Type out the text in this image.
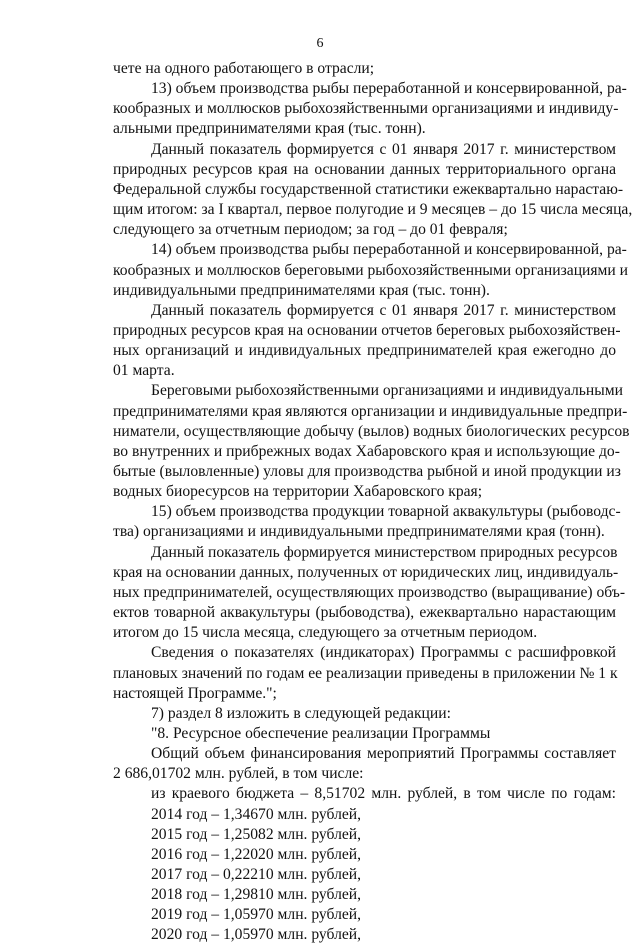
6
чете на одного работающего в отрасли;
13) объем производства рыбы переработанной и консервированной, ра-
кообразных и моллюсков рыбохозяйственными организациями и индивиду-
альными предпринимателями края (тыс. тонн).
Данный показатель формируется с 01 января 2017 г. министерством
природных ресурсов края на основании данных территориального органа
Федеральной службы государственной статистики ежеквартально нарастаю-
щим итогом: за I квартал, первое полугодие и 9 месяцев – до 15 числа месяца,
следующего за отчетным периодом; за год – до 01 февраля;
14) объем производства рыбы переработанной и консервированной, ра-
кообразных и моллюсков береговыми рыбохозяйственными организациями и
индивидуальными предпринимателями края (тыс. тонн).
Данный показатель формируется с 01 января 2017 г. министерством
природных ресурсов края на основании отчетов береговых рыбохозяйствен-
ных организаций и индивидуальных предпринимателей края ежегодно до
01 марта.
Береговыми рыбохозяйственными организациями и индивидуальными
предпринимателями края являются организации и индивидуальные предпри-
ниматели, осуществляющие добычу (вылов) водных биологических ресурсов
во внутренних и прибрежных водах Хабаровского края и использующие до-
бытые (выловленные) уловы для производства рыбной и иной продукции из
водных биоресурсов на территории Хабаровского края;
15) объем производства продукции товарной аквакультуры (рыбоводс-
тва) организациями и индивидуальными предпринимателями края (тонн).
Данный показатель формируется министерством природных ресурсов
края на основании данных, полученных от юридических лиц, индивидуаль-
ных предпринимателей, осуществляющих производство (выращивание) объ-
ектов товарной аквакультуры (рыбоводства), ежеквартально нарастающим
итогом до 15 числа месяца, следующего за отчетным периодом.
Сведения о показателях (индикаторах) Программы с расшифровкой
плановых значений по годам ее реализации приведены в приложении № 1 к
настоящей Программе.";
7) раздел 8 изложить в следующей редакции:
"8. Ресурсное обеспечение реализации Программы
Общий объем финансирования мероприятий Программы составляет
2 686,01702 млн. рублей, в том числе:
из краевого бюджета – 8,51702 млн. рублей, в том числе по годам:
2014 год – 1,34670 млн. рублей,
2015 год – 1,25082 млн. рублей,
2016 год – 1,22020 млн. рублей,
2017 год – 0,22210 млн. рублей,
2018 год – 1,29810 млн. рублей,
2019 год – 1,05970 млн. рублей,
2020 год – 1,05970 млн. рублей,
